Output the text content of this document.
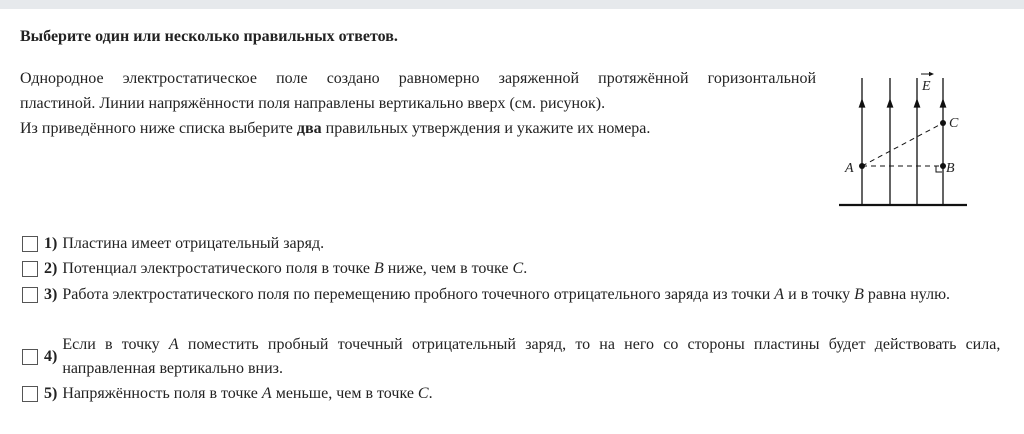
Выберите один или несколько правильных ответов.

Однородное электростатическое поле создано равномерно заряженной протяжённой горизонтальной

пластиной. Линии напряжённости поля направлены вертикально вверх (см. рисунок).

Из приведённого ниже списка выберите два правильных утверждения и укажите их номера.

E
A	B
C
1) Пластина имеет отрицательный заряд.
2) Потенциал электростатического поля в точке B ниже, чем в точке C.
3) Работа электростатического поля по перемещению пробного точечного отрицательного заряда из точки A и в точку B равна нулю.
4)
Если в точку A поместить пробный точечный отрицательный заряд, то на него со стороны пластины будет действовать сила, направленная вертикально вниз.
5) Напряжённость поля в точке A меньше, чем в точке C.
